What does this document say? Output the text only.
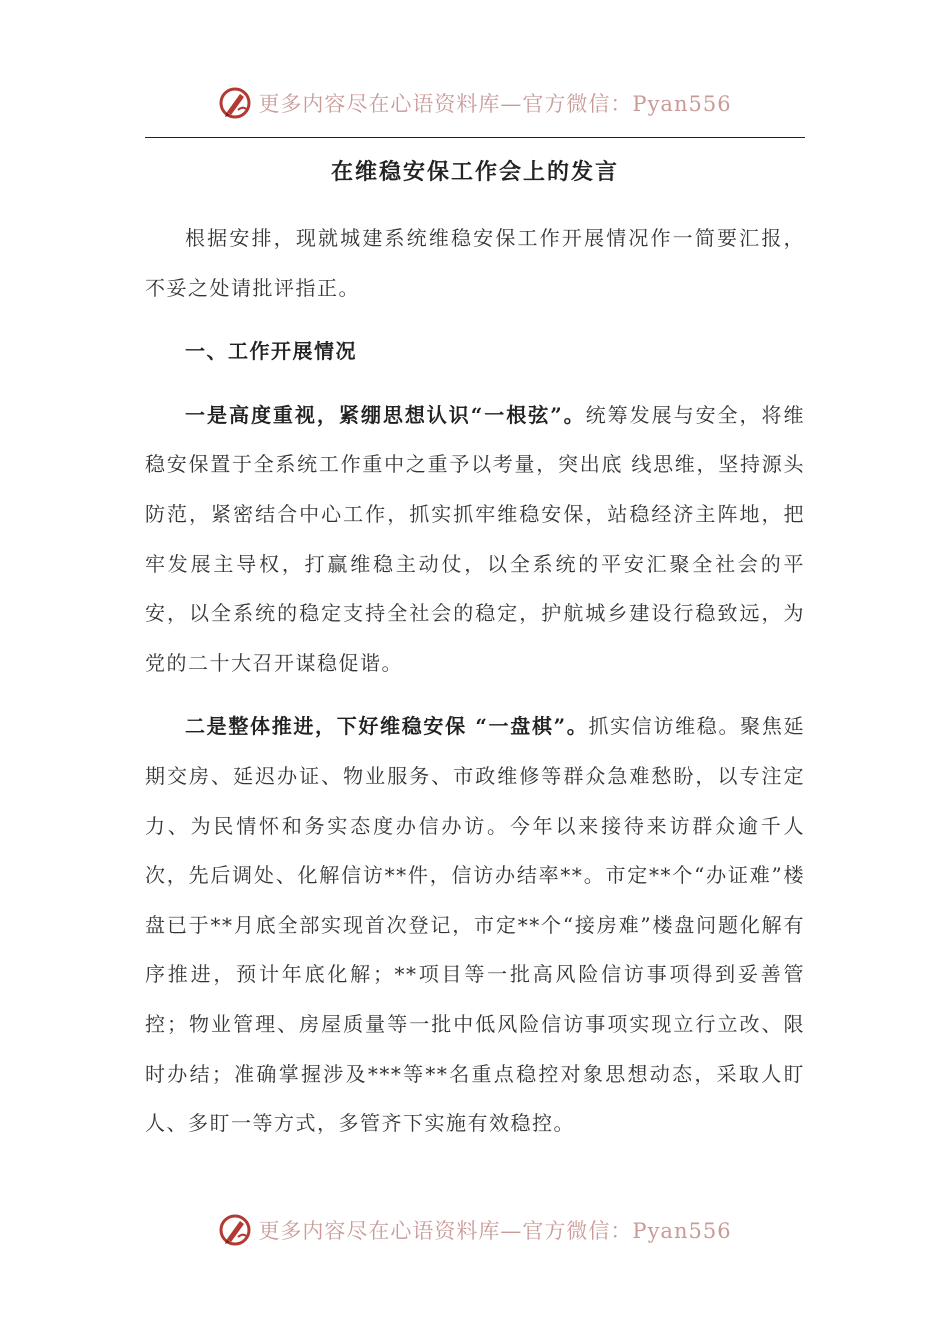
更多内容尽在心语资料库—官方微信：Pyan556
在维稳安保工作会上的发言

根据安排，现就城建系统维稳安保工作开展情况作一简要汇报，不妥之处请批评指正。

一、工作开展情况

一是高度重视，紧绷思想认识“一根弦”。统筹发展与安全，将维稳安保置于全系统工作重中之重予以考量，突出底 线思维，坚持源头防范，紧密结合中心工作，抓实抓牢维稳安保，站稳经济主阵地，把牢发展主导权，打赢维稳主动仗，以全系统的平安汇聚全社会的平安，以全系统的稳定支持全社会的稳定，护航城乡建设行稳致远，为党的二十大召开谋稳促谐。

二是整体推进，下好维稳安保 “一盘棋”。抓实信访维稳。聚焦延期交房、延迟办证、物业服务、市政维修等群众急难愁盼，以专注定力、为民情怀和务实态度办信办访。今年以来接待来访群众逾千人次，先后调处、化解信访**件，信访办结率**。市定**个“办证难”楼盘已于**月底全部实现首次登记，市定**个“接房难”楼盘问题化解有序推进，预计年底化解；**项目等一批高风险信访事项得到妥善管控；物业管理、房屋质量等一批中低风险信访事项实现立行立改、限时办结；准确掌握涉及***等**名重点稳控对象思想动态，采取人盯人、多盯一等方式，多管齐下实施有效稳控。

更多内容尽在心语资料库—官方微信：Pyan556
